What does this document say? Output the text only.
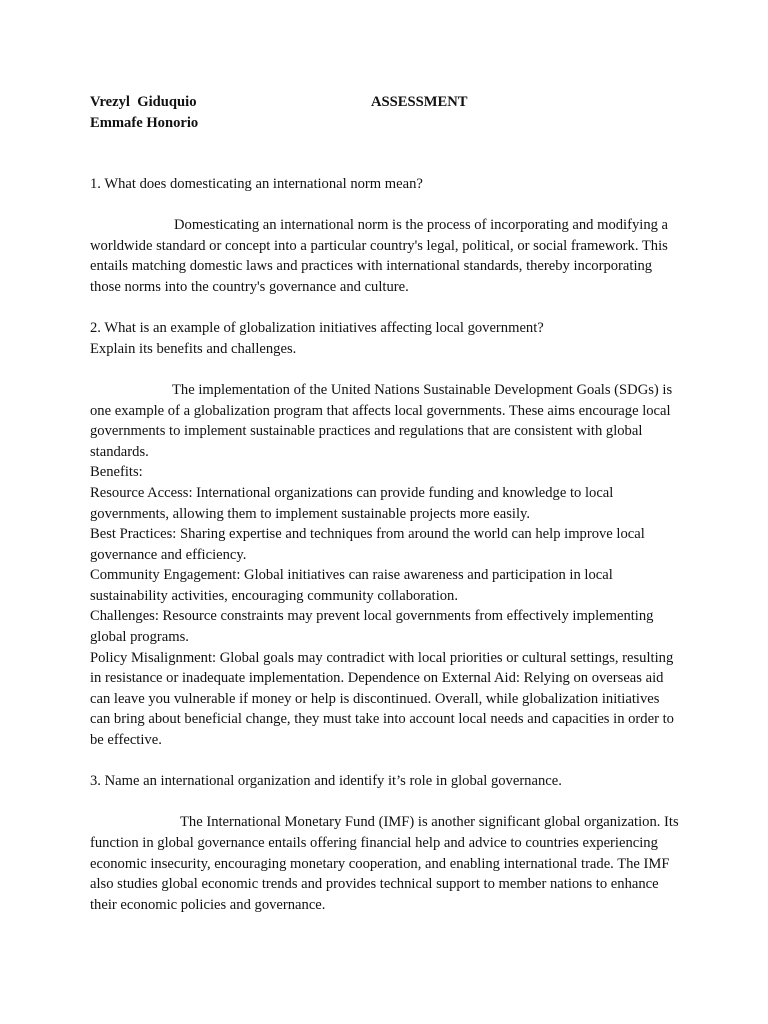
Vrezyl  Giduquio
Emmafe Honorio
ASSESSMENT

1. What does domesticating an international norm mean?

Domesticating an international norm is the process of incorporating and modifying a worldwide standard or concept into a particular country's legal, political, or social framework. This entails matching domestic laws and practices with international standards, thereby incorporating those norms into the country's governance and culture.

2. What is an example of globalization initiatives affecting local government?

Explain its benefits and challenges.

The implementation of the United Nations Sustainable Development Goals (SDGs) is one example of a globalization program that affects local governments. These aims encourage local governments to implement sustainable practices and regulations that are consistent with global standards.

Benefits:

Resource Access: International organizations can provide funding and knowledge to local governments, allowing them to implement sustainable projects more easily.

Best Practices: Sharing expertise and techniques from around the world can help improve local governance and efficiency.

Community Engagement: Global initiatives can raise awareness and participation in local sustainability activities, encouraging community collaboration.

Challenges: Resource constraints may prevent local governments from effectively implementing global programs.

Policy Misalignment: Global goals may contradict with local priorities or cultural settings, resulting in resistance or inadequate implementation. Dependence on External Aid: Relying on overseas aid can leave you vulnerable if money or help is discontinued. Overall, while globalization initiatives can bring about beneficial change, they must take into account local needs and capacities in order to be effective.

3. Name an international organization and identify it’s role in global governance.

The International Monetary Fund (IMF) is another significant global organization. Its function in global governance entails offering financial help and advice to countries experiencing economic insecurity, encouraging monetary cooperation, and enabling international trade. The IMF also studies global economic trends and provides technical support to member nations to enhance their economic policies and governance.
